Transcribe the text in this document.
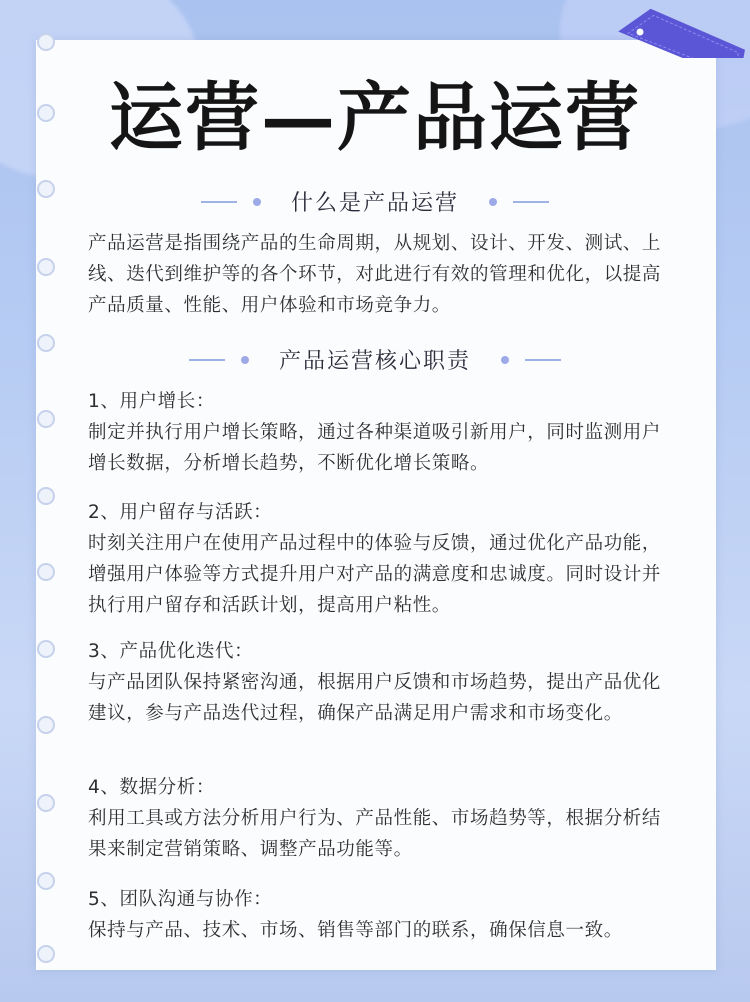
运营—产品运营
什么是产品运营
产品运营是指围绕产品的生命周期，从规划、设计、开发、测试、上线、迭代到维护等的各个环节，对此进行有效的管理和优化，以提高产品质量、性能、用户体验和市场竞争力。
产品运营核心职责
1、用户增长：
制定并执行用户增长策略，通过各种渠道吸引新用户，同时监测用户增长数据，分析增长趋势，不断优化增长策略。
2、用户留存与活跃：
时刻关注用户在使用产品过程中的体验与反馈，通过优化产品功能，增强用户体验等方式提升用户对产品的满意度和忠诚度。同时设计并执行用户留存和活跃计划，提高用户粘性。
3、产品优化迭代：
与产品团队保持紧密沟通，根据用户反馈和市场趋势，提出产品优化建议，参与产品迭代过程，确保产品满足用户需求和市场变化。
4、数据分析：
利用工具或方法分析用户行为、产品性能、市场趋势等，根据分析结果来制定营销策略、调整产品功能等。
5、团队沟通与协作：
保持与产品、技术、市场、销售等部门的联系，确保信息一致。
